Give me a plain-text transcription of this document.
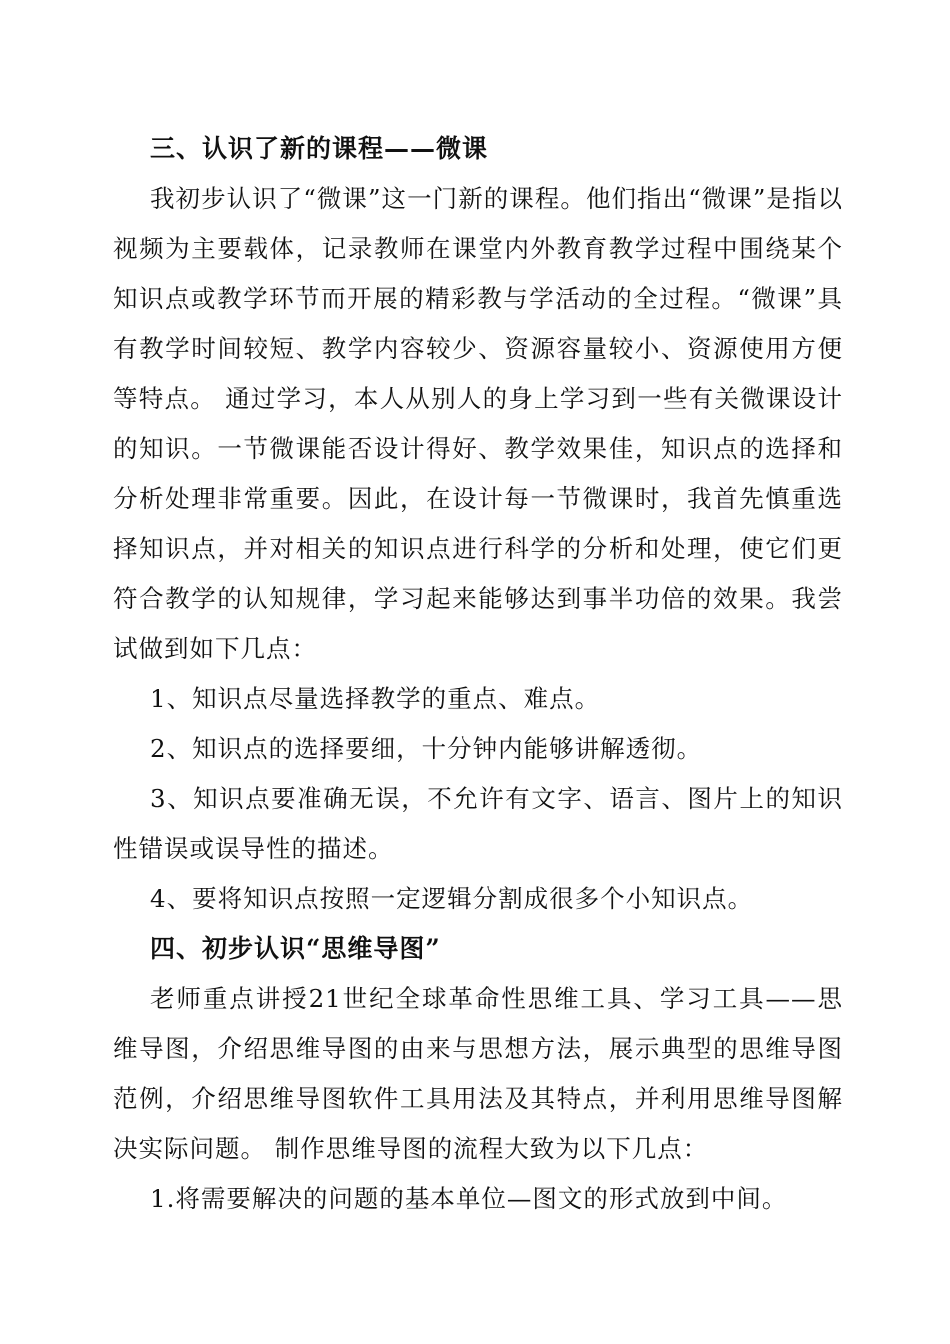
三、认识了新的课程——微课

我初步认识了“微课”这一门新的课程。他们指出“微课”是指以视频为主要载体，记录教师在课堂内外教育教学过程中围绕某个知识点或教学环节而开展的精彩教与学活动的全过程。“微课”具有教学时间较短、教学内容较少、资源容量较小、资源使用方便等特点。 通过学习，本人从别人的身上学习到一些有关微课设计的知识。一节微课能否设计得好、教学效果佳，知识点的选择和分析处理非常重要。因此，在设计每一节微课时，我首先慎重选择知识点，并对相关的知识点进行科学的分析和处理，使它们更符合教学的认知规律，学习起来能够达到事半功倍的效果。我尝试做到如下几点：

1、知识点尽量选择教学的重点、难点。

2、知识点的选择要细，十分钟内能够讲解透彻。

3、知识点要准确无误，不允许有文字、语言、图片上的知识性错误或误导性的描述。

4、要将知识点按照一定逻辑分割成很多个小知识点。

四、初步认识“思维导图”

老师重点讲授21世纪全球革命性思维工具、学习工具——思维导图，介绍思维导图的由来与思想方法，展示典型的思维导图范例，介绍思维导图软件工具用法及其特点，并利用思维导图解决实际问题。 制作思维导图的流程大致为以下几点：

1.将需要解决的问题的基本单位—图文的形式放到中间。
